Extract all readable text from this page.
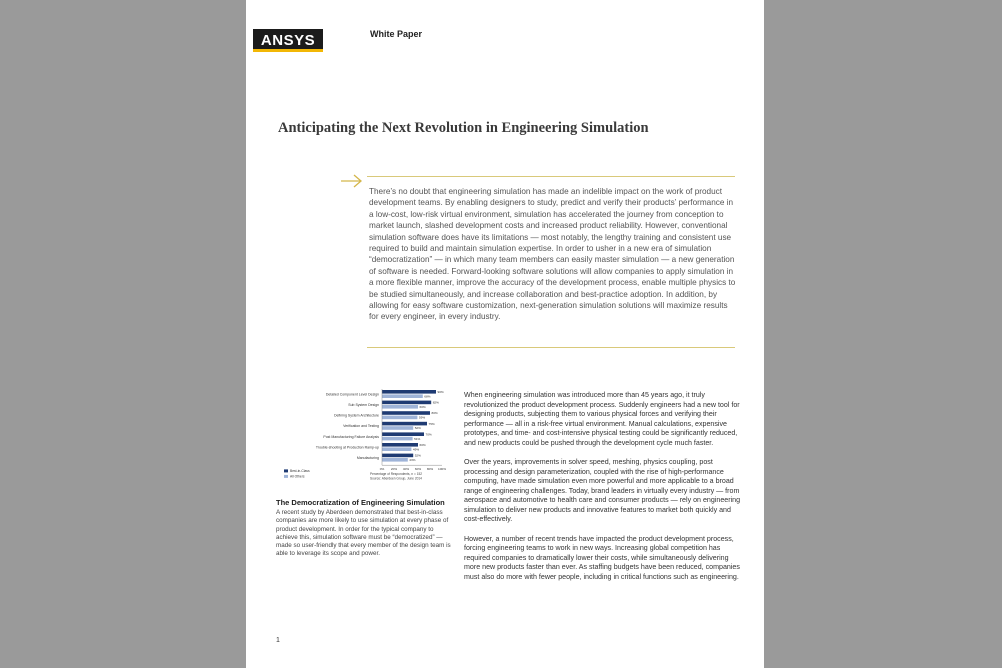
ANSYS	White Paper
Anticipating the Next Revolution in Engineering Simulation

There’s no doubt that engineering simulation has made an indelible impact on the work of product development teams. By enabling designers to study, predict and verify their products’ performance in a low-cost, low-risk virtual environment, simulation has accelerated the journey from conception to market launch, slashed development costs and increased product reliability. However, conventional simulation software does have its limitations — most notably, the lengthy training and consistent use required to build and maintain simulation expertise. In order to usher in a new era of simulation “democratization” — in which many team members can easily master simulation — a new generation of software is needed. Forward-looking software solutions will allow companies to apply simulation in a more flexible manner, improve the accuracy of the development process, enable multiple physics to be studied simultaneously, and increase collaboration and best-practice adoption. In addition, by allowing for easy software customization, next-generation simulation solutions will maximize results for every engineer, in every industry.

Detailed Component Level Design
90%
68%
Sub System Design
82%
60%
Defining System Architecture
80%
59%
Verification and Testing
75%
52%
Post Manufacturing Failure Analysis
70%
51%
Trouble-shooting at Production Ramp-up
60%
49%
Manufacturing
52%
43%
0% 20% 40% 60% 80% 100%
Percentage of Respondents, n = 152
Source: Aberdeen Group, June 2014
Best-in-Class
All Others

The Democratization of Engineering Simulation

A recent study by Aberdeen demonstrated that best-in-class companies are more likely to use simulation at every phase of product development. In order for the typical company to achieve this, simulation software must be “democratized” — made so user-friendly that every member of the design team is able to leverage its scope and power.

When engineering simulation was introduced more than 45 years ago, it truly revolutionized the product development process. Suddenly engineers had a new tool for designing products, subjecting them to various physical forces and verifying their performance — all in a risk-free virtual environment. Manual calculations, expensive prototypes, and time- and cost-intensive physical testing could be significantly reduced, and new products could be pushed through the development cycle much faster.

Over the years, improvements in solver speed, meshing, physics coupling, post processing and design parameterization, coupled with the rise of high-performance computing, have made simulation even more powerful and more applicable to a broad range of engineering challenges. Today, brand leaders in virtually every industry — from aerospace and automotive to health care and consumer products — rely on engineering simulation to deliver new products and innovative features to market both quickly and cost-effectively.

However, a number of recent trends have impacted the product development process, forcing engineering teams to work in new ways. Increasing global competition has required companies to dramatically lower their costs, while simultaneously delivering more new products faster than ever. As staffing budgets have been reduced, companies must also do more with fewer people, including in critical functions such as engineering.

1
